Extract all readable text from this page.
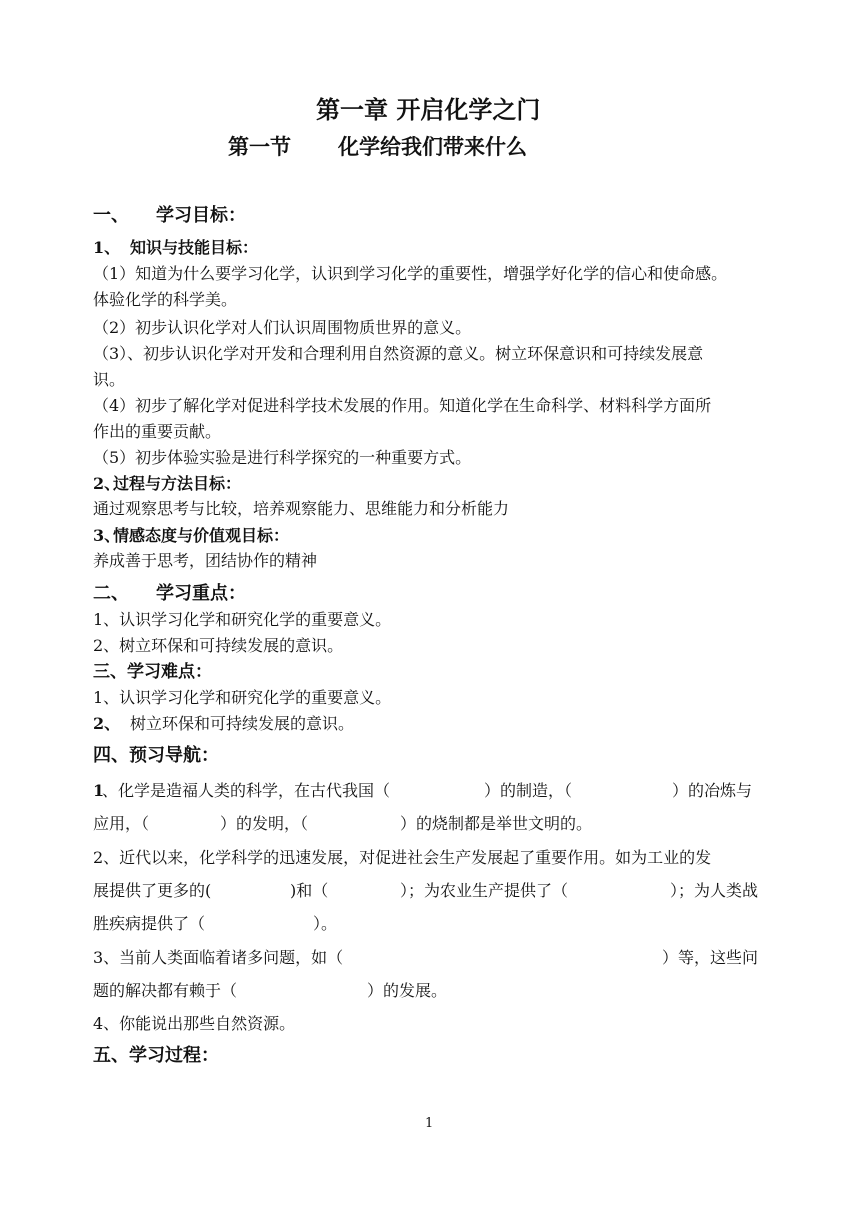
第一章 开启化学之门
第一节 化学给我们带来什么
一、 学习目标：
1、 知识与技能目标：
（1）知道为什么要学习化学，认识到学习化学的重要性，增强学好化学的信心和使命感。
体验化学的科学美。
（2）初步认识化学对人们认识周围物质世界的意义。
（3）、初步认识化学对开发和合理利用自然资源的意义。树立环保意识和可持续发展意
识。
（4）初步了解化学对促进科学技术发展的作用。知道化学在生命科学、材料科学方面所
作出的重要贡献。
（5）初步体验实验是进行科学探究的一种重要方式。
2、
过程与方法目标：
通过观察思考与比较，培养观察能力、思维能力和分析能力
3、
情感态度与价值观目标：
养成善于思考，团结协作的精神
二、 学习重点：
1、认识学习化学和研究化学的重要意义。
2、树立环保和可持续发展的意识。
三、学习难点：
1、认识学习化学和研究化学的重要意义。
2、 树立环保和可持续发展的意识。
四、预习导航：
1
、化学是造福人类的科学，在古代我国（	）的制造，（	）的冶炼与
应用，（	）的发明，（	）的烧制都是举世文明的。
2、近代以来，化学科学的迅速发展，对促进社会生产发展起了重要作用。如为工业的发
展提供了更多的(	)和（	）；为农业生产提供了（	）；为人类战
胜疾病提供了（	）。
3、当前人类面临着诸多问题，如（	）等，这些问
题的解决都有赖于（	）的发展。
4、你能说出那些自然资源。
五、学习过程：
1
